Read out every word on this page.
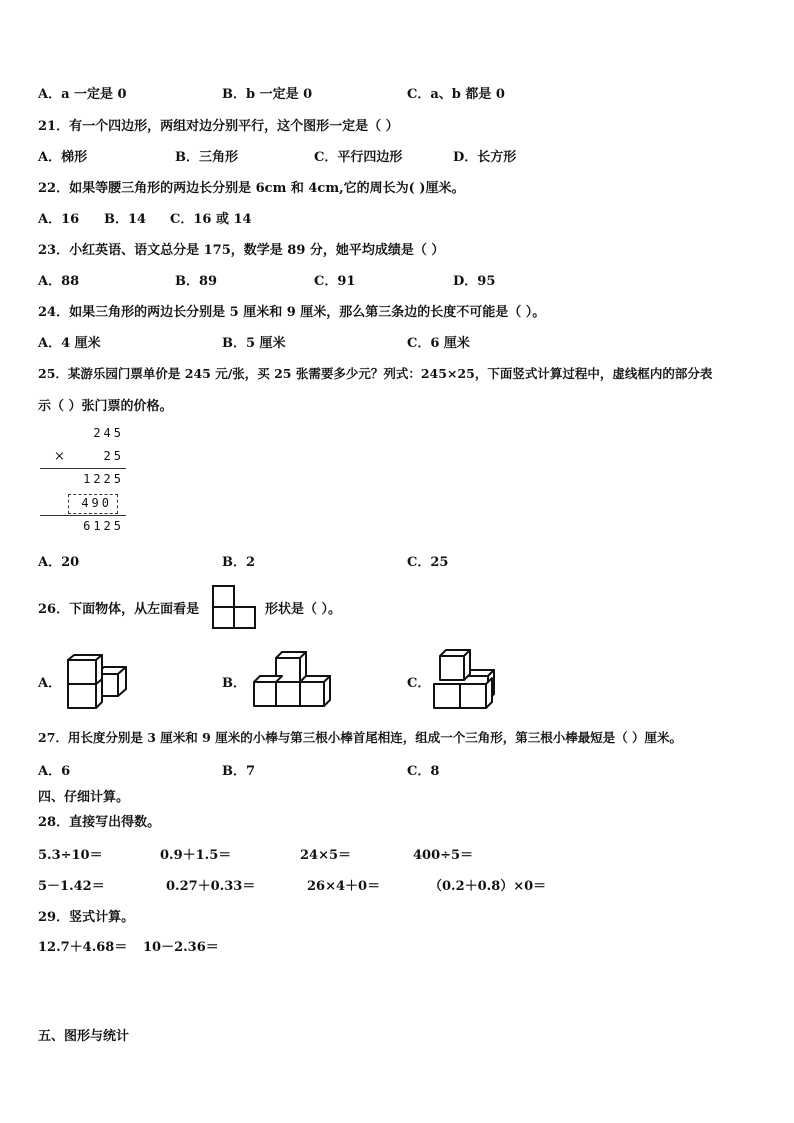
A．a 一定是 0	B．b 一定是 0	C．a、b 都是 0
21．有一个四边形，两组对边分别平行，这个图形一定是（ ）
A．梯形	B．三角形	C．平行四边形	D．长方形
22．如果等腰三角形的两边长分别是 6cm 和 4cm,它的周长为( )厘米。
A．16 B．14 C．16 或 14
23．小红英语、语文总分是 175，数学是 89 分，她平均成绩是（ ）
A．88	B．89	C．91	D．95
24．如果三角形的两边长分别是 5 厘米和 9 厘米，那么第三条边的长度不可能是（ ）。
A．4 厘米	B．5 厘米	C．6 厘米
25．某游乐园门票单价是 245 元/张，买 25 张需要多少元？列式：245×25，下面竖式计算过程中，虚线框内的部分表
示（ ）张门票的价格。
245
×	25
1225
490
6125
A．20	B．2	C．25
26．下面物体，从左面看是	形状是（ ）。
A．	B．	C．
27．用长度分别是 3 厘米和 9 厘米的小棒与第三根小棒首尾相连，组成一个三角形，第三根小棒最短是（ ）厘米。
A．6	B．7	C．8
四、仔细计算。
28．直接写出得数。
5.3÷10＝	0.9＋1.5＝	24×5＝	400÷5＝
5－1.42＝	0.27＋0.33＝	26×4＋0＝	（0.2＋0.8）×0＝
29．竖式计算。
12.7＋4.68＝ 10－2.36＝
五、图形与统计
